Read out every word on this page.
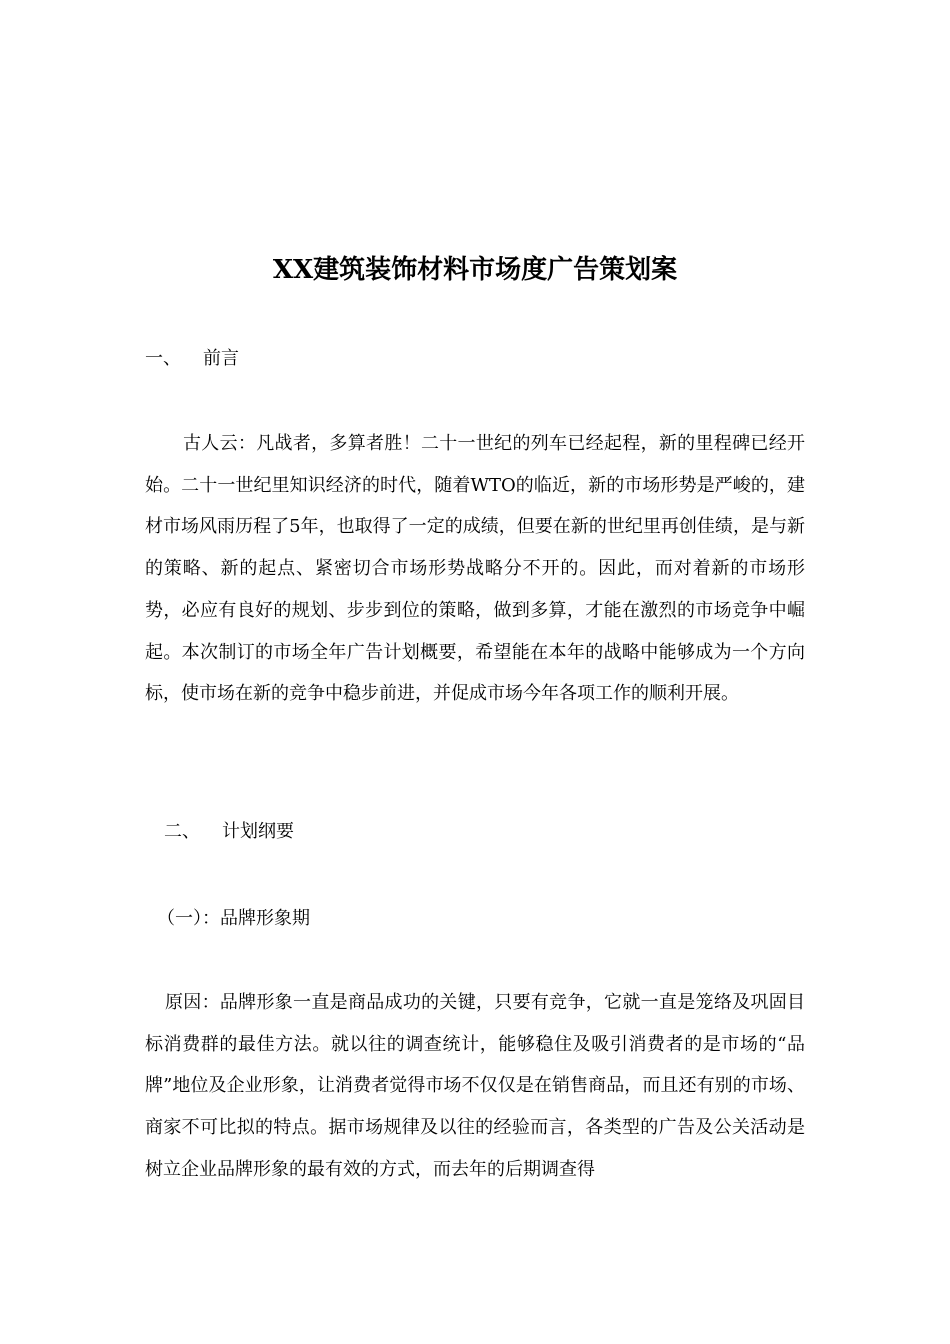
XX建筑装饰材料市场度广告策划案
一、 前言
古人云：凡战者，多算者胜！二十一世纪的列车已经起程，新的里程碑已经开始。二十一世纪里知识经济的时代，随着WTO的临近，新的市场形势是严峻的，建材市场风雨历程了5年，也取得了一定的成绩，但要在新的世纪里再创佳绩，是与新的策略、新的起点、紧密切合市场形势战略分不开的。因此，而对着新的市场形势，必应有良好的规划、步步到位的策略，做到多算，才能在激烈的市场竞争中崛起。本次制订的市场全年广告计划概要，希望能在本年的战略中能够成为一个方向标，使市场在新的竞争中稳步前进，并促成市场今年各项工作的顺利开展。
二、 计划纲要
（一）：品牌形象期
原因：品牌形象一直是商品成功的关键，只要有竞争，它就一直是笼络及巩固目标消费群的最佳方法。就以往的调查统计，能够稳住及吸引消费者的是市场的“品牌”地位及企业形象，让消费者觉得市场不仅仅是在销售商品，而且还有别的市场、商家不可比拟的特点。据市场规律及以往的经验而言，各类型的广告及公关活动是树立企业品牌形象的最有效的方式，而去年的后期调查得
